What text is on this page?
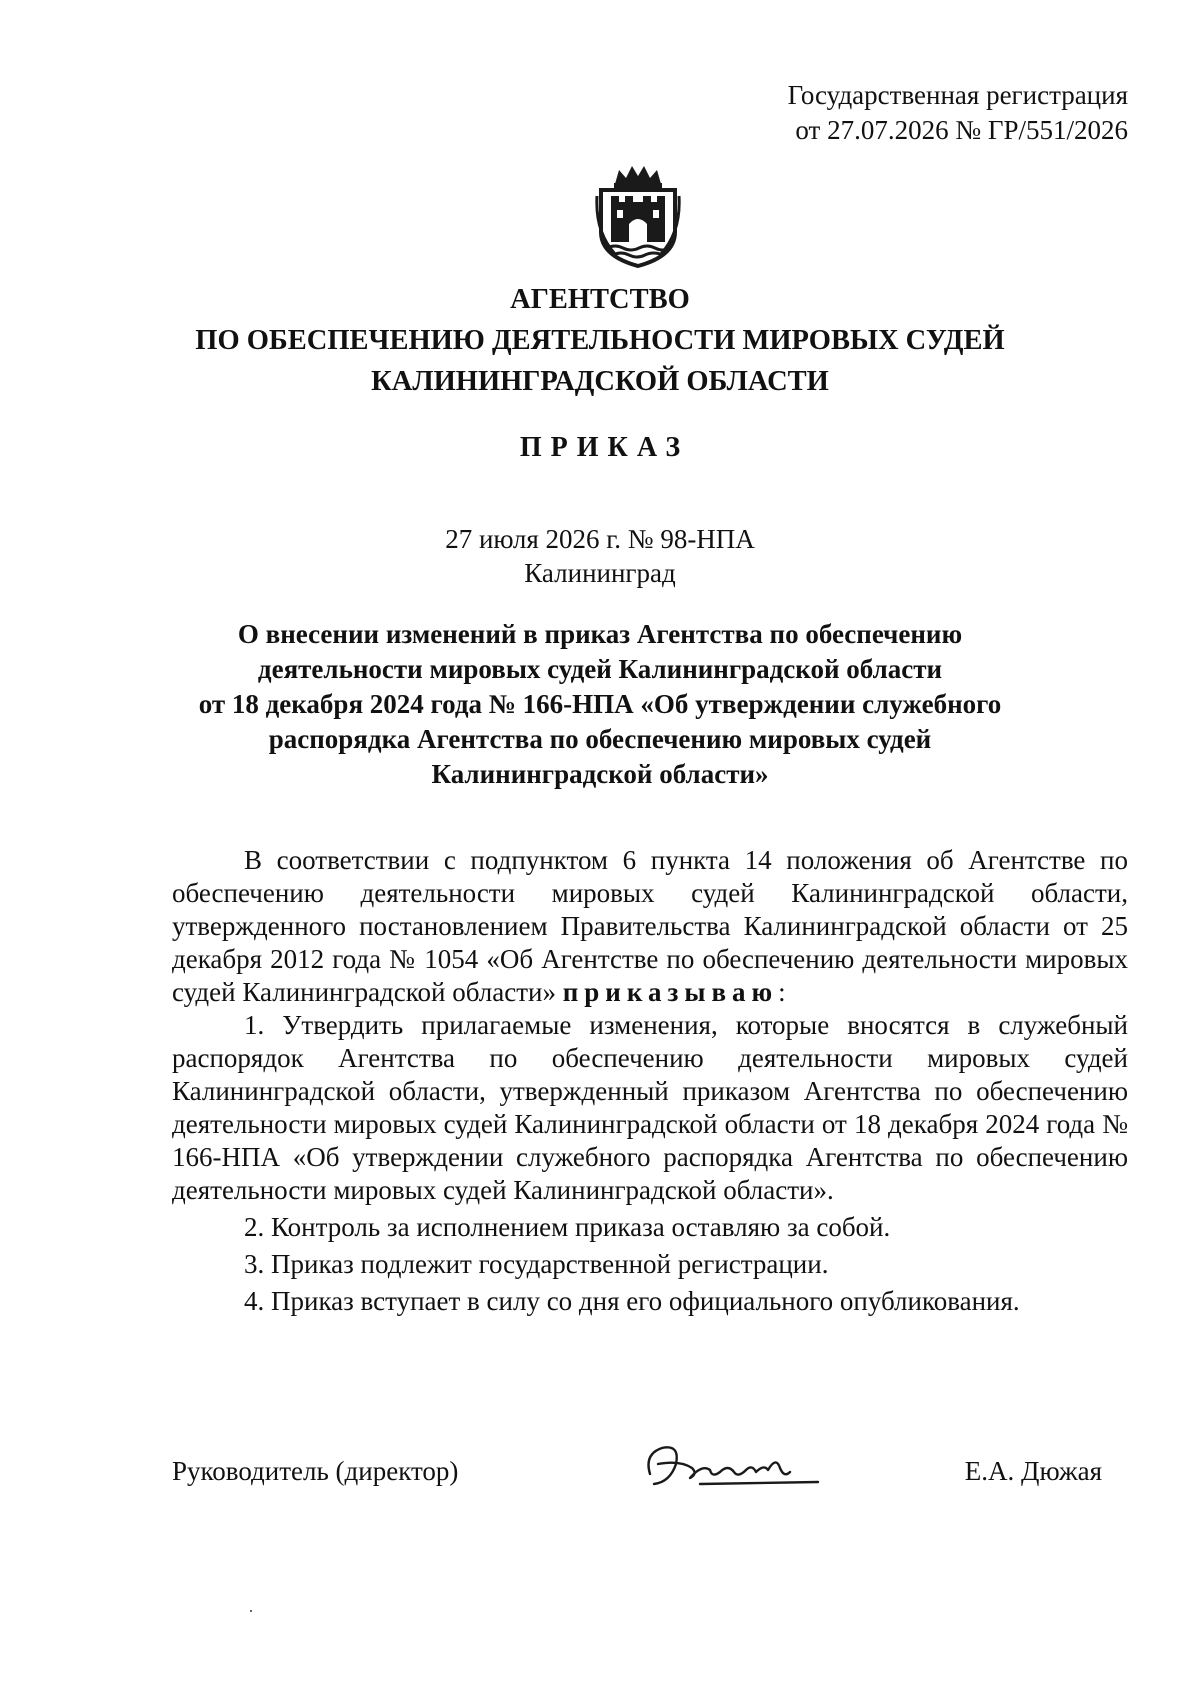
Государственная регистрация
от 27.07.2026 № ГР/551/2026
АГЕНТСТВО
ПО ОБЕСПЕЧЕНИЮ ДЕЯТЕЛЬНОСТИ МИРОВЫХ СУДЕЙ
КАЛИНИНГРАДСКОЙ ОБЛАСТИ
ПРИКАЗ
27 июля 2026 г. № 98-НПА
Калининград
О внесении изменений в приказ Агентства по обеспечению
деятельности мировых судей Калининградской области
от 18 декабря 2024 года № 166-НПА «Об утверждении служебного
распорядка Агентства по обеспечению мировых судей
Калининградской области»

В соответствии с подпунктом 6 пункта 14 положения об Агентстве по обеспечению деятельности мировых судей Калининградской области, утвержденного постановлением Правительства Калининградской области от 25 декабря 2012 года № 1054 «Об Агентстве по обеспечению деятельности мировых судей Калининградской области» приказываю:

1. Утвердить прилагаемые изменения, которые вносятся в служебный распорядок Агентства по обеспечению деятельности мировых судей Калининградской области, утвержденный приказом Агентства по обеспечению деятельности мировых судей Калининградской области от 18 декабря 2024 года № 166-НПА «Об утверждении служебного распорядка Агентства по обеспечению деятельности мировых судей Калининградской области».

2. Контроль за исполнением приказа оставляю за собой.

3. Приказ подлежит государственной регистрации.

4. Приказ вступает в силу со дня его официального опубликования.

Руководитель (директор)	Е.А. Дюжая
